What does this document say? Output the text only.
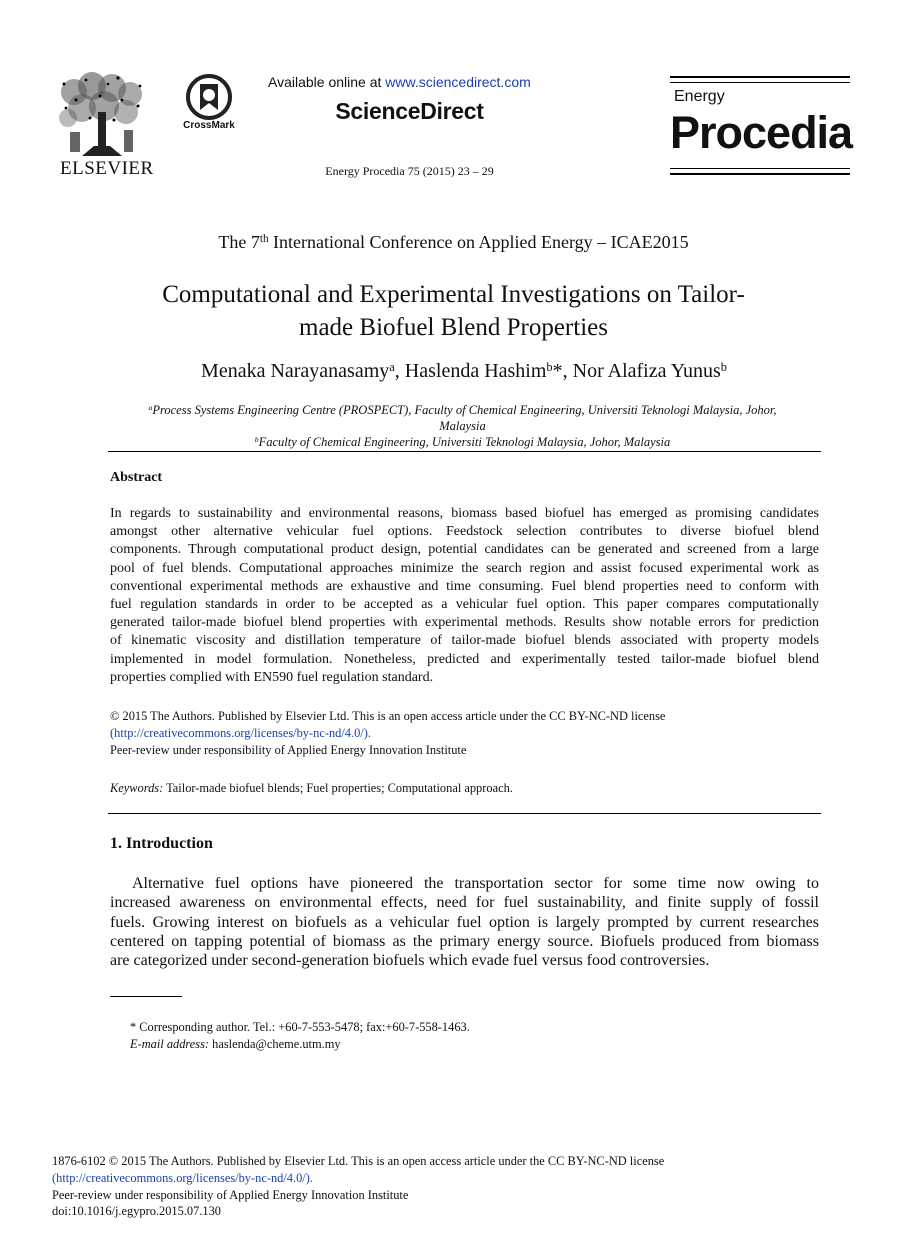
ELSEVIER
CrossMark
Available online at www.sciencedirect.com
ScienceDirect
Energy Procedia 75 (2015) 23 – 29
Energy
Procedia
The 7th International Conference on Applied Energy – ICAE2015
Computational and Experimental Investigations on Tailor-
made Biofuel Blend Properties
Menaka Narayanasamy$^a$, Haslenda Hashim$^b$*, Nor Alafiza Yunus$^b$
$^a$Process Systems Engineering Centre (PROSPECT), Faculty of Chemical Engineering, Universiti Teknologi Malaysia, Johor,
Malaysia
$^b$Faculty of Chemical Engineering, Universiti Teknologi Malaysia, Johor, Malaysia
Abstract
In regards to sustainability and environmental reasons, biomass based biofuel has emerged as promising candidates
amongst other alternative vehicular fuel options. Feedstock selection contributes to diverse biofuel blend
components. Through computational product design, potential candidates can be generated and screened from a large
pool of fuel blends. Computational approaches minimize the search region and assist focused experimental work as
conventional experimental methods are exhaustive and time consuming. Fuel blend properties need to conform with
fuel regulation standards in order to be accepted as a vehicular fuel option. This paper compares computationally
generated tailor-made biofuel blend properties with experimental methods. Results show notable errors for prediction
of kinematic viscosity and distillation temperature of tailor-made biofuel blends associated with property models
implemented in model formulation. Nonetheless, predicted and experimentally tested tailor-made biofuel blend
properties complied with EN590 fuel regulation standard.
© 2015 The Authors. Published by Elsevier Ltd. This is an open access article under the CC BY-NC-ND license
(http://creativecommons.org/licenses/by-nc-nd/4.0/).
Peer-review under responsibility of Applied Energy Innovation Institute
Keywords: Tailor-made biofuel blends; Fuel properties; Computational approach.
1. Introduction
Alternative fuel options have pioneered the transportation sector for some time now owing to
increased awareness on environmental effects, need for fuel sustainability, and finite supply of fossil
fuels. Growing interest on biofuels as a vehicular fuel option is largely prompted by current researches
centered on tapping potential of biomass as the primary energy source. Biofuels produced from biomass
are categorized under second-generation biofuels which evade fuel versus food controversies.
* Corresponding author. Tel.: +60-7-553-5478; fax:+60-7-558-1463.
E-mail address: haslenda@cheme.utm.my
1876-6102 © 2015 The Authors. Published by Elsevier Ltd. This is an open access article under the CC BY-NC-ND license
(http://creativecommons.org/licenses/by-nc-nd/4.0/).
Peer-review under responsibility of Applied Energy Innovation Institute
doi:10.1016/j.egypro.2015.07.130
